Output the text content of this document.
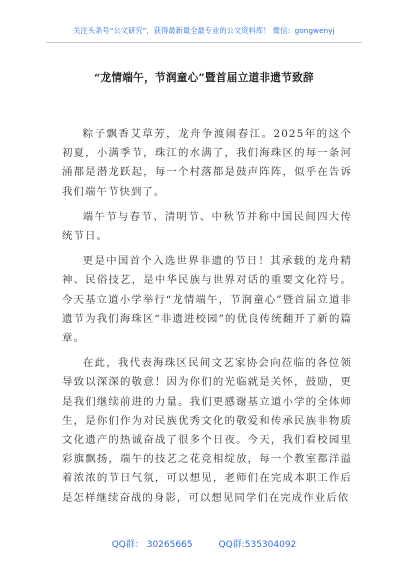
关注头条号“公文研究”，获得最新最全最专业的公文资料库！ 微信：gongwenyj
“龙情端午，节润童心”暨首届立道非遗节致辞

粽子飘香艾草芳，龙舟争渡闹春江。2025年的这个初夏，小满季节，珠江的水满了，我们海珠区的每一条河涌都是潜龙跃起，每一个村落都是鼓声阵阵，似乎在告诉我们端午节快到了。

端午节与春节、清明节、中秋节并称中国民间四大传统节日。

更是中国首个入选世界非遗的节日！其承载的龙舟精神、民俗技艺，是中华民族与世界对话的重要文化符号。今天基立道小学举行“龙情端午，节润童心”暨首届立道非遗节为我们海珠区“非遗进校园”的优良传统翻开了新的篇章。

在此，我代表海珠区民间文艺家协会向莅临的各位领导致以深深的敬意！因为你们的光临就是关怀，鼓励，更是我们继续前进的力量。我们更感谢基立道小学的全体师生，是你们作为对民族优秀文化的敬爱和传承民族非物质文化遗产的热诚奋战了很多个日夜。今天，我们看校园里彩旗飘扬，端午的技艺之花竞相绽放，每一个教室都洋溢着浓浓的节日气氛，可以想见，老师们在完成本职工作后是怎样继续奋战的身影，可以想见同学们在完成作业后依

QQ群： 30265665	QQ群:535304092
